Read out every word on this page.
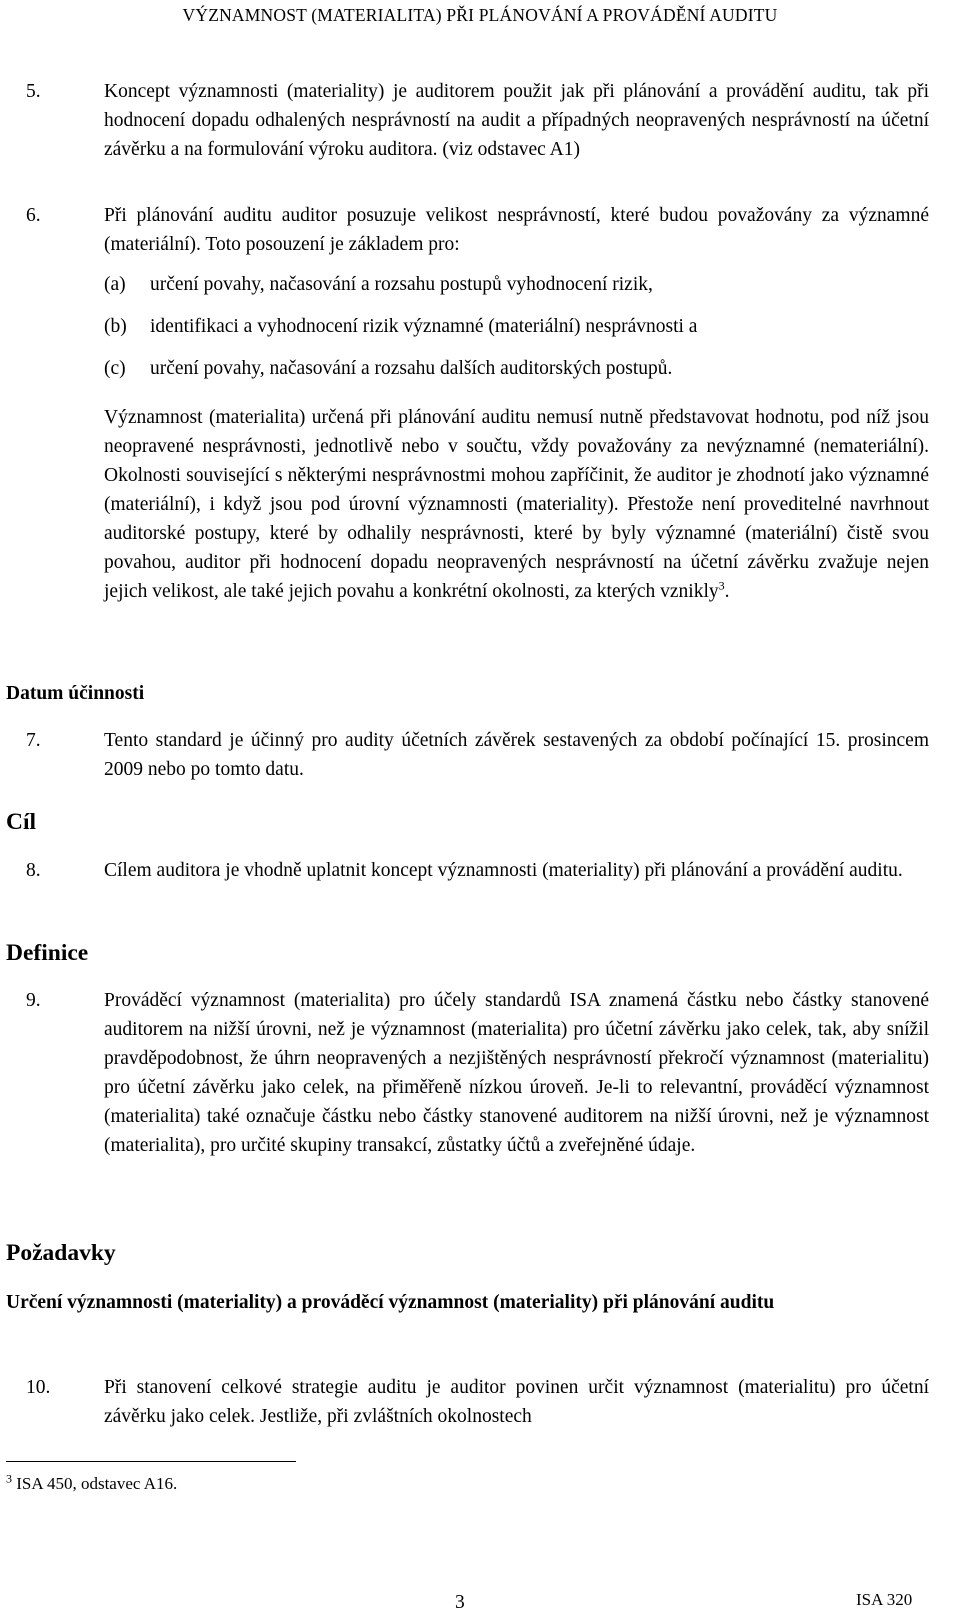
VÝZNAMNOST (MATERIALITA) PŘI PLÁNOVÁNÍ A PROVÁDĚNÍ AUDITU
5.	Koncept významnosti (materiality) je auditorem použit jak při plánování a provádění auditu, tak při hodnocení dopadu odhalených nesprávností na audit a případných neopravených nesprávností na účetní závěrku a na formulování výroku auditora. (viz odstavec A1)

6.	Při plánování auditu auditor posuzuje velikost nesprávností, které budou považovány za významné (materiální). Toto posouzení je základem pro:

(a) určení povahy, načasování a rozsahu postupů vyhodnocení rizik,
(b) identifikaci a vyhodnocení rizik významné (materiální) nesprávnosti a
(c) určení povahy, načasování a rozsahu dalších auditorských postupů.

Významnost (materialita) určená při plánování auditu nemusí nutně představovat hodnotu, pod níž jsou neopravené nesprávnosti, jednotlivě nebo v součtu, vždy považovány za nevýznamné (nemateriální). Okolnosti související s některými nesprávnostmi mohou zapříčinit, že auditor je zhodnotí jako významné (materiální), i když jsou pod úrovní významnosti (materiality). Přestože není proveditelné navrhnout auditorské postupy, které by odhalily nesprávnosti, které by byly významné (materiální) čistě svou povahou, auditor při hodnocení dopadu neopravených nesprávností na účetní závěrku zvažuje nejen jejich velikost, ale také jejich povahu a konkrétní okolnosti, za kterých vznikly$^3$.

Datum účinnosti
7.	Tento standard je účinný pro audity účetních závěrek sestavených za období počínající 15. prosincem 2009 nebo po tomto datu.

Cíl
8.	Cílem auditora je vhodně uplatnit koncept významnosti (materiality) při plánování a provádění auditu.

Definice
9.	Prováděcí významnost (materialita) pro účely standardů ISA znamená částku nebo částky stanovené auditorem na nižší úrovni, než je významnost (materialita) pro účetní závěrku jako celek, tak, aby snížil pravděpodobnost, že úhrn neopravených a nezjištěných nesprávností překročí významnost (materialitu) pro účetní závěrku jako celek, na přiměřeně nízkou úroveň. Je-li to relevantní, prováděcí významnost (materialita) také označuje částku nebo částky stanovené auditorem na nižší úrovni, než je významnost (materialita), pro určité skupiny transakcí, zůstatky účtů a zveřejněné údaje.

Požadavky
Určení významnosti (materiality) a prováděcí významnost (materiality) při plánování auditu
10.	Při stanovení celkové strategie auditu je auditor povinen určit významnost (materialitu) pro účetní závěrku jako celek. Jestliže, při zvláštních okolnostech

$^3$ ISA 450, odstavec A16.
3	ISA 320
